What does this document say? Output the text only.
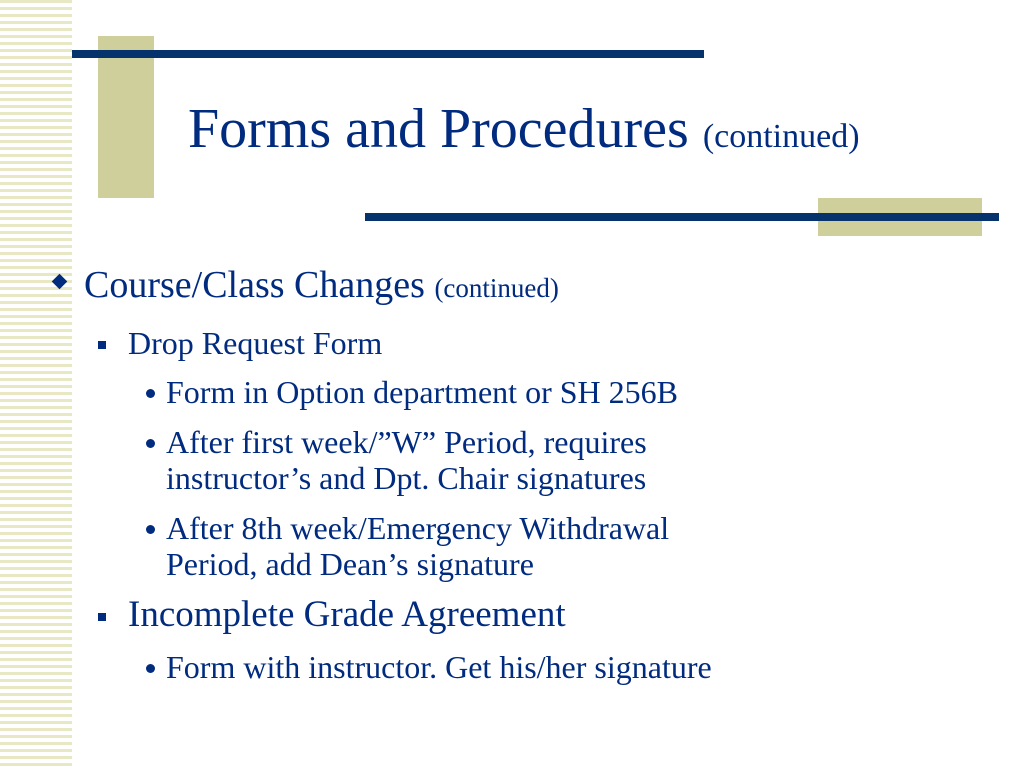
Forms and Procedures (continued)
Course/Class Changes (continued)
Drop Request Form
Form in Option department or SH 256B
After first week/”W” Period, requires
instructor’s and Dpt. Chair signatures
After 8th week/Emergency Withdrawal
Period, add Dean’s signature
Incomplete Grade Agreement
Form with instructor. Get his/her signature
